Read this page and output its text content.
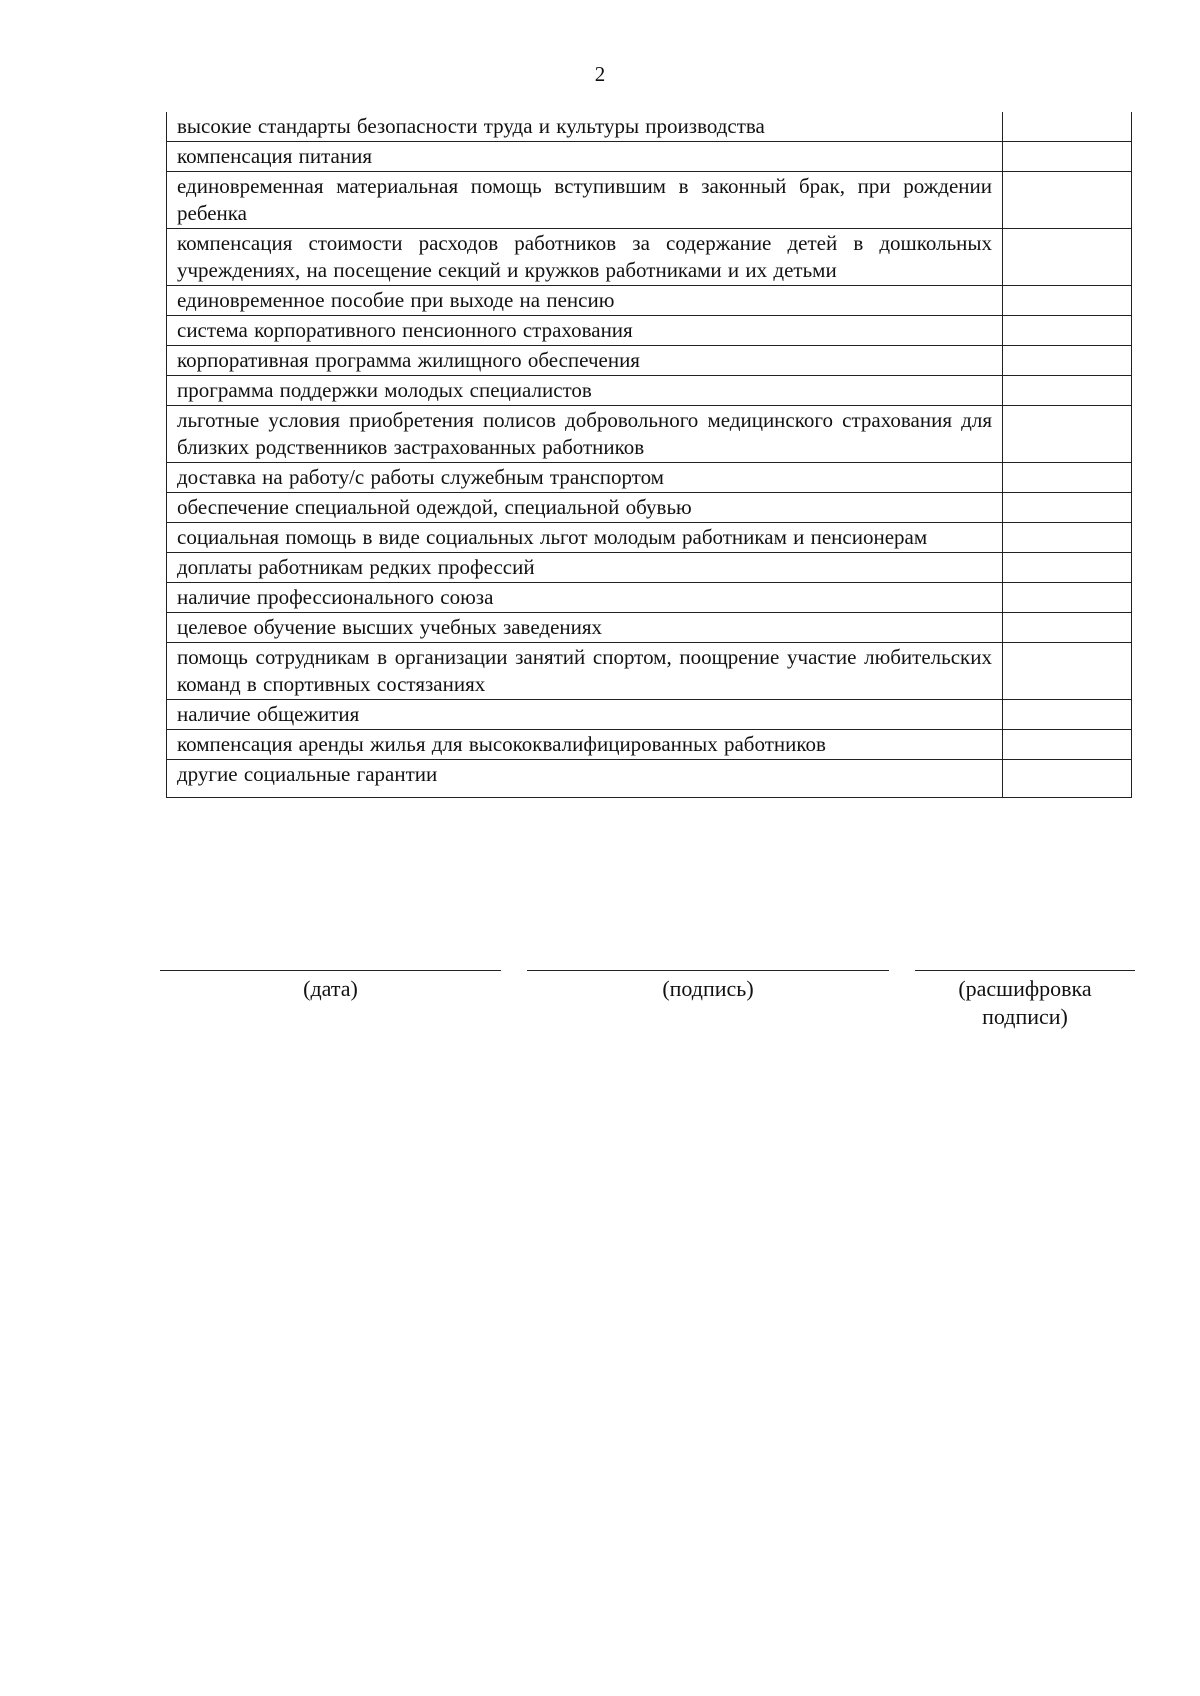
2
высокие стандарты безопасности труда и культуры производства	
компенсация питания	
единовременная материальная помощь вступившим в законный брак, при рождении ребенка	
компенсация стоимости расходов работников за содержание детей в дошкольных учреждениях, на посещение секций и кружков работниками и их детьми	
единовременное пособие при выходе на пенсию	
система корпоративного пенсионного страхования	
корпоративная программа жилищного обеспечения	
программа поддержки молодых специалистов	
льготные условия приобретения полисов добровольного медицинского страхования для близких родственников застрахованных работников	
доставка на работу/с работы служебным транспортом	
обеспечение специальной одеждой, специальной обувью	
социальная помощь в виде социальных льгот молодым работникам и пенсионерам	
доплаты работникам редких профессий	
наличие профессионального союза	
целевое обучение высших учебных заведениях	
помощь сотрудникам в организации занятий спортом, поощрение участие любительских команд в спортивных состязаниях	
наличие общежития	
компенсация аренды жилья для высококвалифицированных работников	
другие социальные гарантии	
(дата)	(подпись)	(расшифровка подписи)
